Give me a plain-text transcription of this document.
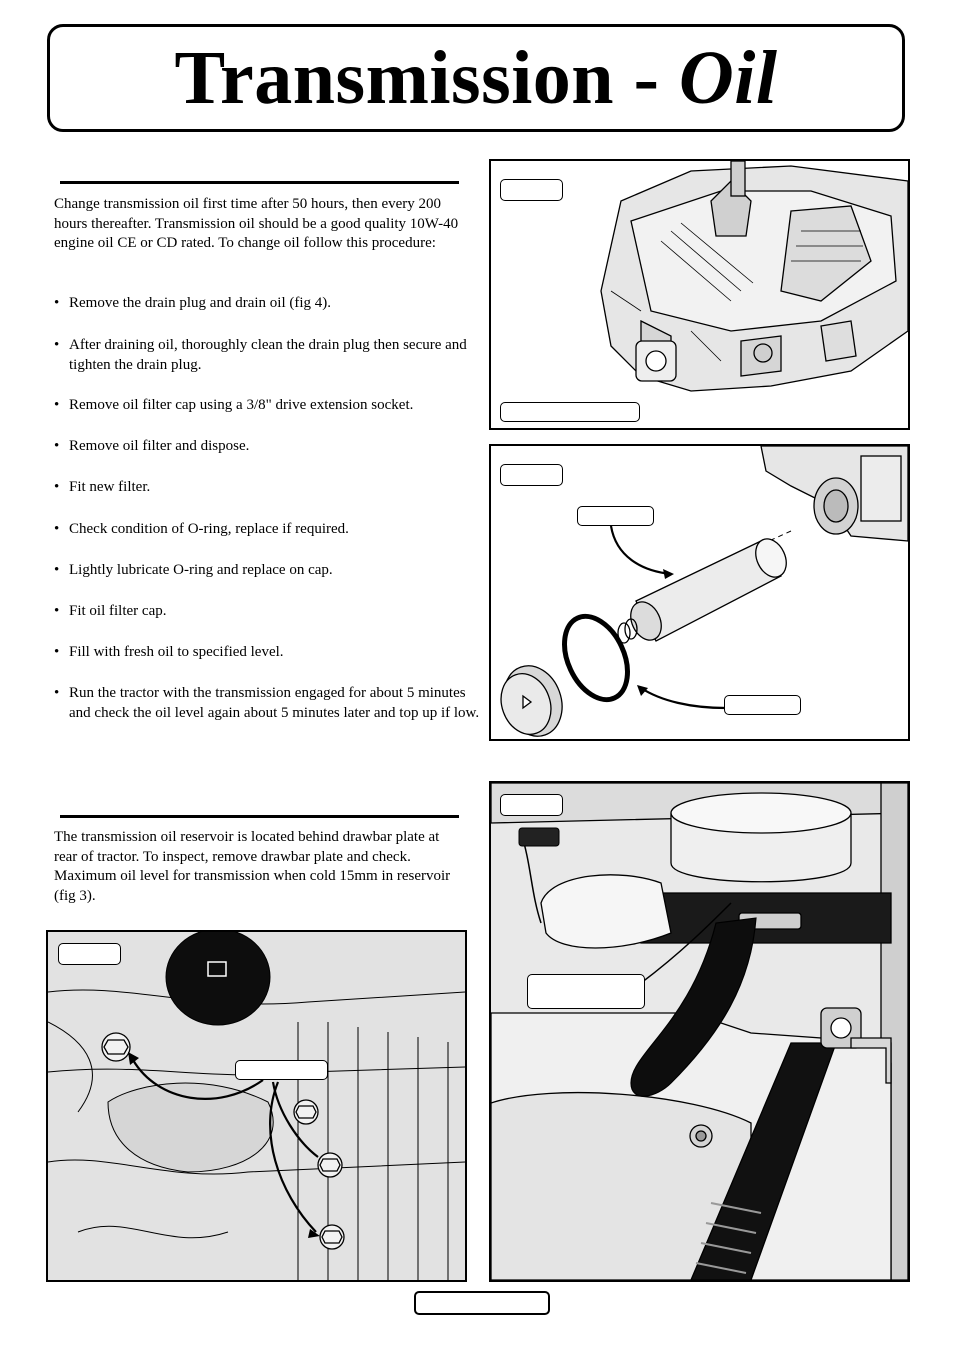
Transmission - Oil
Change transmission oil first time after 50 hours, then every 200 hours thereafter. Transmission oil should be a good quality 10W-40 engine oil CE or CD rated. To change oil follow this procedure:
• Remove the drain plug and drain oil (fig 4).
• After draining oil, thoroughly clean the drain plug then secure and tighten the drain plug.
• Remove oil filter cap using a 3/8" drive extension socket.
• Remove oil filter and dispose.
• Fit new filter.
• Check condition of O-ring, replace if required.
• Lightly lubricate O-ring and replace on cap.
• Fit oil filter cap.
• Fill with fresh oil to specified level.
• Run the tractor with the transmission engaged for about 5 minutes and check the oil level again about 5 minutes later and top up if low.
The transmission oil reservoir is located behind drawbar plate at rear of tractor. To inspect, remove drawbar plate and check. Maximum oil level for transmission when cold 15mm in reservoir (fig 3).
